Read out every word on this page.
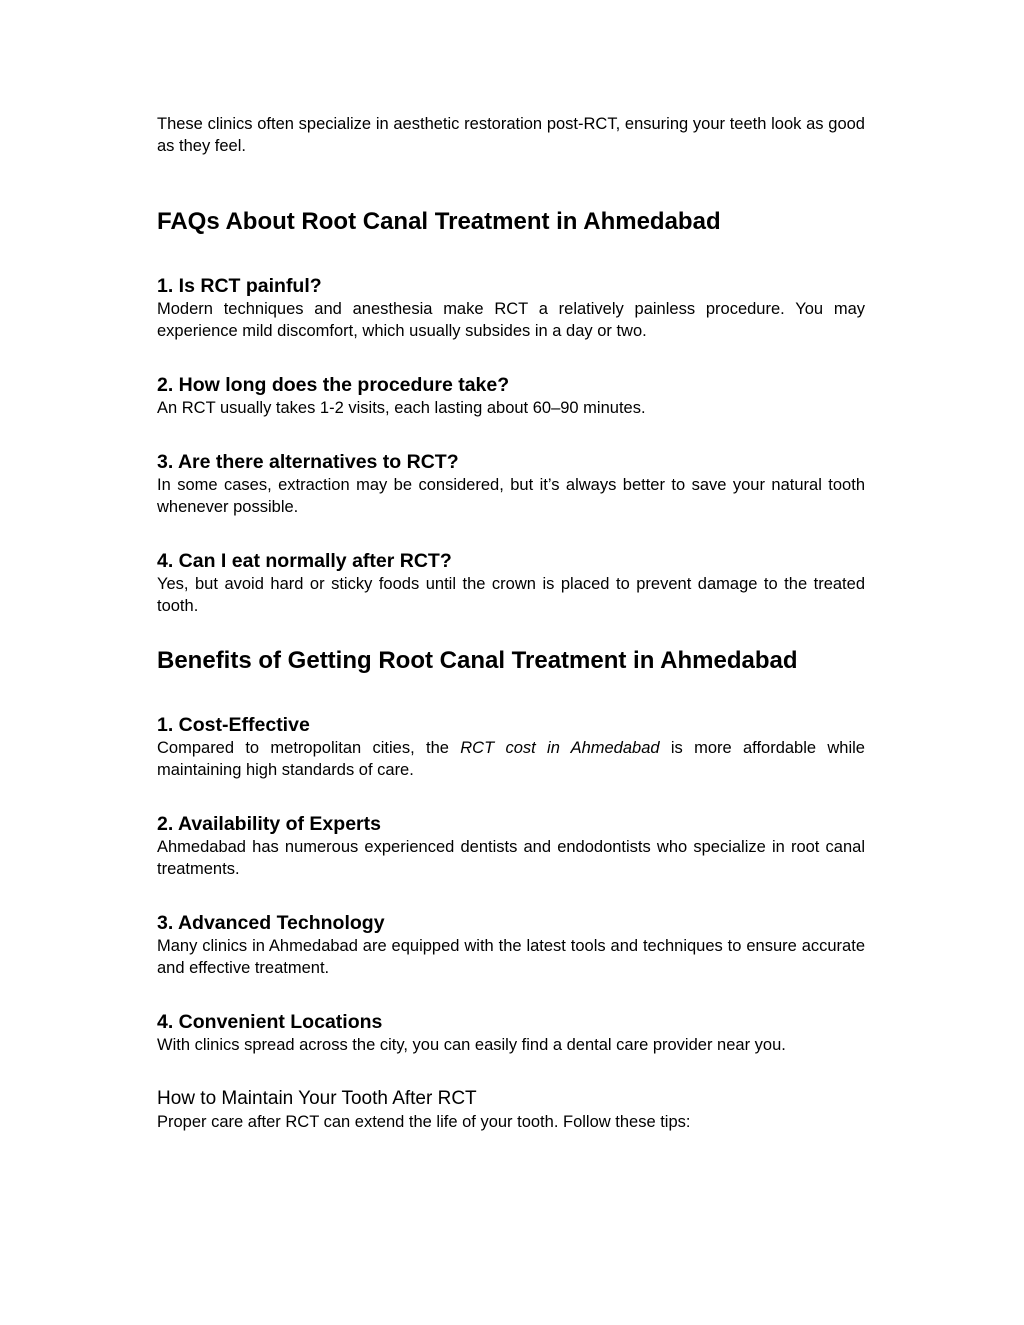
These clinics often specialize in aesthetic restoration post-RCT, ensuring your teeth look as good as they feel.

FAQs About Root Canal Treatment in Ahmedabad
1. Is RCT painful?

Modern techniques and anesthesia make RCT a relatively painless procedure. You may experience mild discomfort, which usually subsides in a day or two.

2. How long does the procedure take?

An RCT usually takes 1-2 visits, each lasting about 60–90 minutes.

3. Are there alternatives to RCT?

In some cases, extraction may be considered, but it’s always better to save your natural tooth whenever possible.

4. Can I eat normally after RCT?

Yes, but avoid hard or sticky foods until the crown is placed to prevent damage to the treated tooth.

Benefits of Getting Root Canal Treatment in Ahmedabad
1. Cost-Effective

Compared to metropolitan cities, the RCT cost in Ahmedabad is more affordable while maintaining high standards of care.

2. Availability of Experts

Ahmedabad has numerous experienced dentists and endodontists who specialize in root canal treatments.

3. Advanced Technology

Many clinics in Ahmedabad are equipped with the latest tools and techniques to ensure accurate and effective treatment.

4. Convenient Locations

With clinics spread across the city, you can easily find a dental care provider near you.

How to Maintain Your Tooth After RCT

Proper care after RCT can extend the life of your tooth. Follow these tips:
